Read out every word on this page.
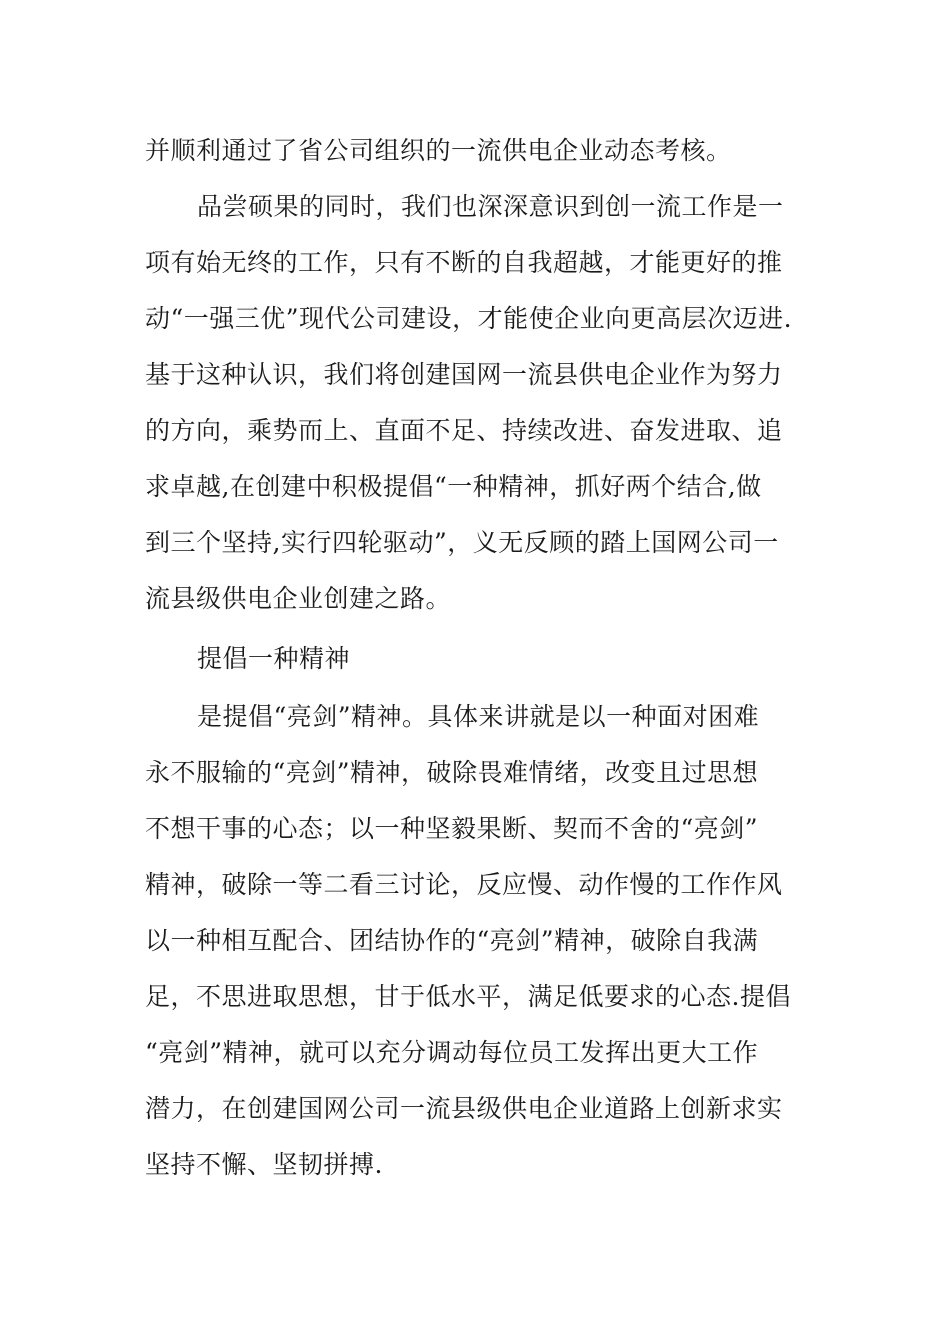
并顺利通过了省公司组织的一流供电企业动态考核。
品尝硕果的同时，我们也深深意识到创一流工作是一
项有始无终的工作，只有不断的自我超越，才能更好的推
动“一强三优”现代公司建设，才能使企业向更高层次迈进.
基于这种认识，我们将创建国网一流县供电企业作为努力
的方向，乘势而上、直面不足、持续改进、奋发进取、追
求卓越,在创建中积极提倡“一种精神，抓好两个结合,做
到三个坚持,实行四轮驱动”，义无反顾的踏上国网公司一
流县级供电企业创建之路。
提倡一种精神
是提倡“亮剑”精神。具体来讲就是以一种面对困难
永不服输的“亮剑”精神，破除畏难情绪，改变且过思想
不想干事的心态；以一种坚毅果断、契而不舍的“亮剑”
精神，破除一等二看三讨论，反应慢、动作慢的工作作风
以一种相互配合、团结协作的“亮剑”精神，破除自我满
足，不思进取思想，甘于低水平，满足低要求的心态.提倡
“亮剑”精神，就可以充分调动每位员工发挥出更大工作
潜力，在创建国网公司一流县级供电企业道路上创新求实
坚持不懈、坚韧拼搏.
